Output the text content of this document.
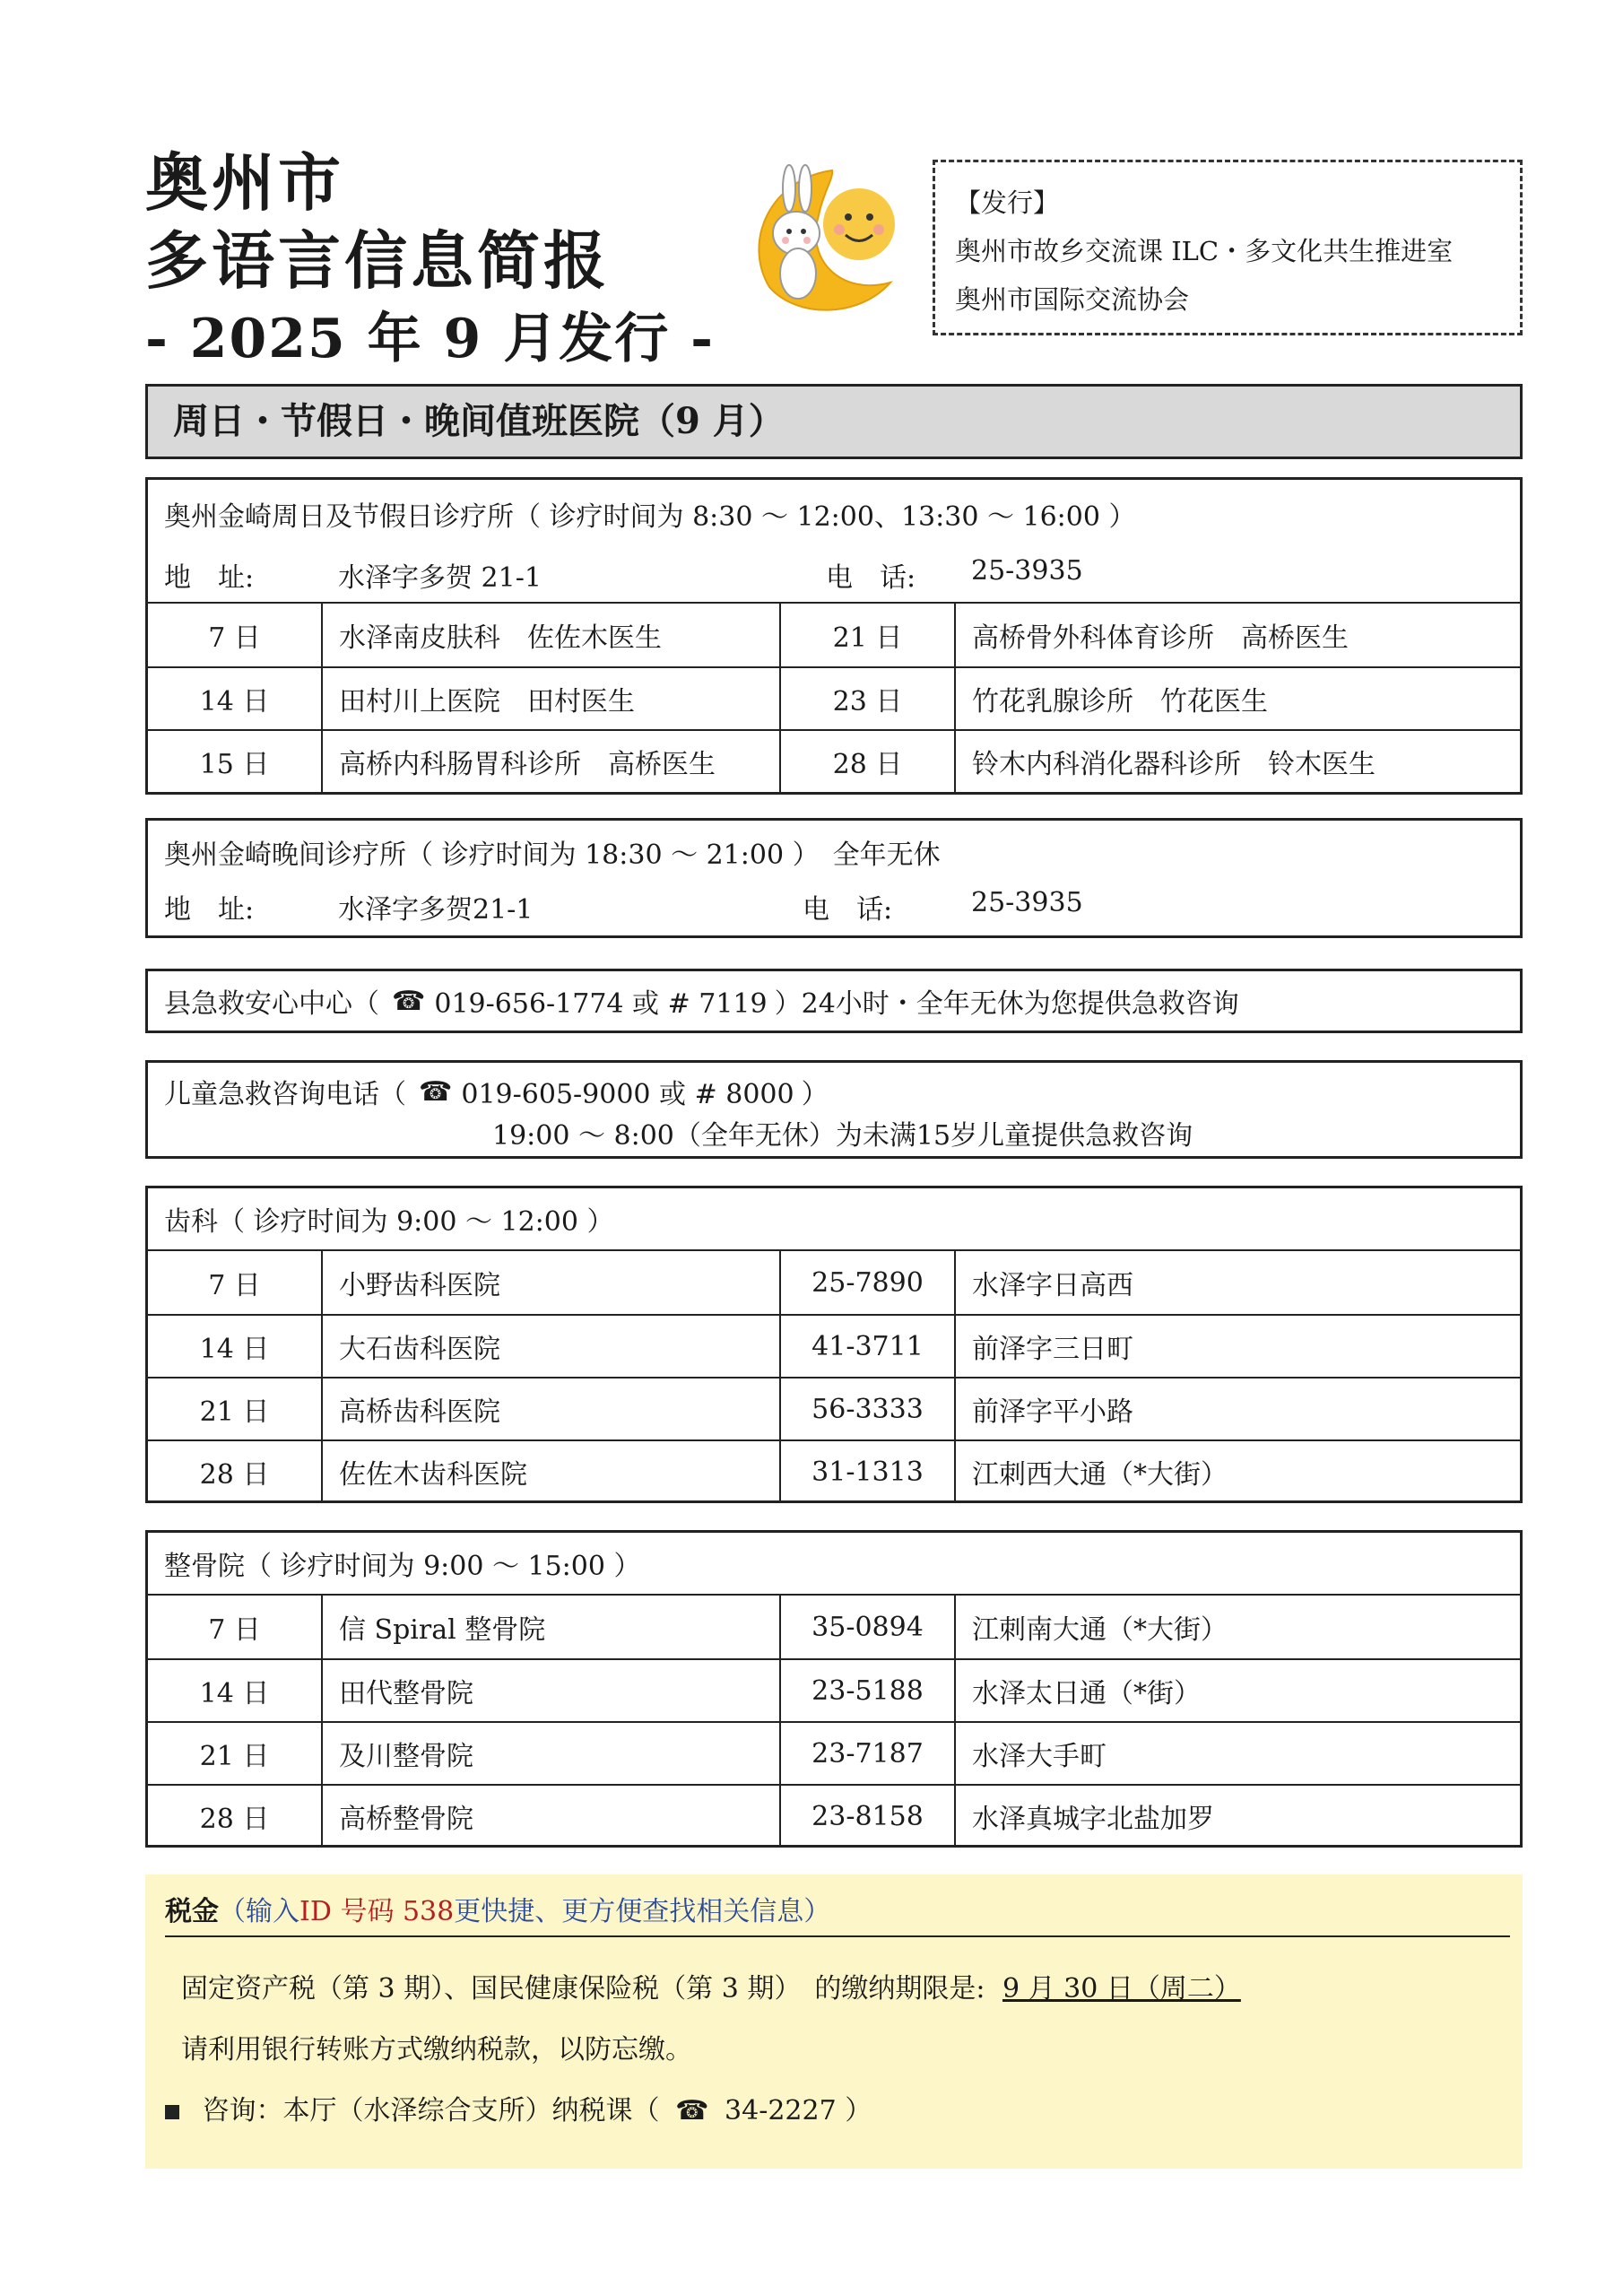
奥州市
多语言信息简报
- 2025 年 9 月发行 -
【发行】
奥州市故乡交流课 ILC・多文化共生推进室
奥州市国际交流协会
周日・节假日・晚间值班医院（9 月）
奥州金崎周日及节假日诊疗所（ 诊疗时间为 8:30 ～ 12:00、13:30 ～ 16:00 ）
地　址:	水泽字多贺 21-1	电　话: 25-3935
7 日	水泽南皮肤科　佐佐木医生	21 日	高桥骨外科体育诊所　高桥医生
14 日	田村川上医院　田村医生	23 日	竹花乳腺诊所　竹花医生
15 日	高桥内科肠胃科诊所　高桥医生	28 日	铃木内科消化器科诊所　铃木医生
奥州金崎晚间诊疗所（ 诊疗时间为 18:30 ～ 21:00 ）　全年无休
地　址:	水泽字多贺21-1	电　话:	25-3935
县急救安心中心（ ☎ 019-656-1774 或 # 7119 ）24小时・全年无休为您提供急救咨询
儿童急救咨询电话（ ☎ 019-605-9000 或 # 8000 ）
19:00 ～ 8:00（全年无休）为未满15岁儿童提供急救咨询
齿科（ 诊疗时间为 9:00 ～ 12:00 ）
7 日	小野齿科医院	25-7890	水泽字日高西
14 日	大石齿科医院	41-3711	前泽字三日町
21 日	高桥齿科医院	56-3333	前泽字平小路
28 日	佐佐木齿科医院	31-1313	江刺西大通（*大街）
整骨院（ 诊疗时间为 9:00 ～ 15:00 ）
7 日	信 Spiral 整骨院	35-0894	江刺南大通（*大街）
14 日	田代整骨院	23-5188	水泽太日通（*街）
21 日	及川整骨院	23-7187	水泽大手町
28 日	高桥整骨院	23-8158	水泽真城字北盐加罗
税金 （输入 ID 号码 538 更快捷、更方便查找相关信息）
固定资产税（第 3 期）、国民健康保险税（第 3 期）　的缴纳期限是: 9 月 30 日（周二）
请利用银行转账方式缴纳税款，以防忘缴。
咨询：本厅（水泽综合支所）纳税课（ ☎ 34-2227 ）
